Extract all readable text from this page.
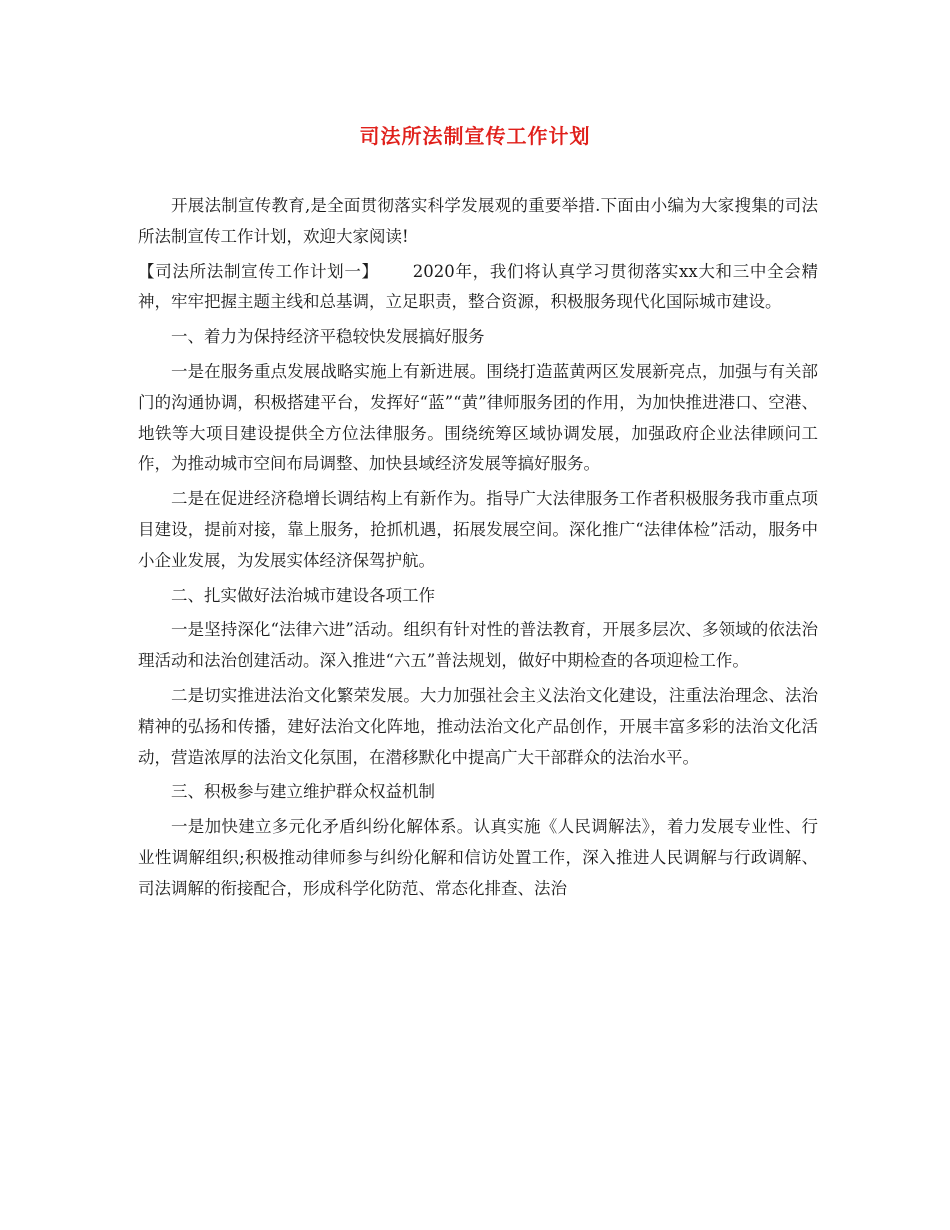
司法所法制宣传工作计划

开展法制宣传教育,是全面贯彻落实科学发展观的重要举措.下面由小编为大家搜集的司法所法制宣传工作计划，欢迎大家阅读!

【司法所法制宣传工作计划一】 2020年，我们将认真学习贯彻落实xx大和三中全会精神，牢牢把握主题主线和总基调，立足职责，整合资源，积极服务现代化国际城市建设。

一、着力为保持经济平稳较快发展搞好服务

一是在服务重点发展战略实施上有新进展。围绕打造蓝黄两区发展新亮点，加强与有关部门的沟通协调，积极搭建平台，发挥好“蓝”“黄”律师服务团的作用，为加快推进港口、空港、地铁等大项目建设提供全方位法律服务。围绕统筹区域协调发展，加强政府企业法律顾问工作，为推动城市空间布局调整、加快县域经济发展等搞好服务。

二是在促进经济稳增长调结构上有新作为。指导广大法律服务工作者积极服务我市重点项目建设，提前对接，靠上服务，抢抓机遇，拓展发展空间。深化推广“法律体检”活动，服务中小企业发展，为发展实体经济保驾护航。

二、扎实做好法治城市建设各项工作

一是坚持深化“法律六进”活动。组织有针对性的普法教育，开展多层次、多领域的依法治理活动和法治创建活动。深入推进“六五”普法规划，做好中期检查的各项迎检工作。

二是切实推进法治文化繁荣发展。大力加强社会主义法治文化建设，注重法治理念、法治精神的弘扬和传播，建好法治文化阵地，推动法治文化产品创作，开展丰富多彩的法治文化活动，营造浓厚的法治文化氛围，在潜移默化中提高广大干部群众的法治水平。

三、积极参与建立维护群众权益机制

一是加快建立多元化矛盾纠纷化解体系。认真实施《人民调解法》，着力发展专业性、行业性调解组织;积极推动律师参与纠纷化解和信访处置工作，深入推进人民调解与行政调解、司法调解的衔接配合，形成科学化防范、常态化排查、法治
